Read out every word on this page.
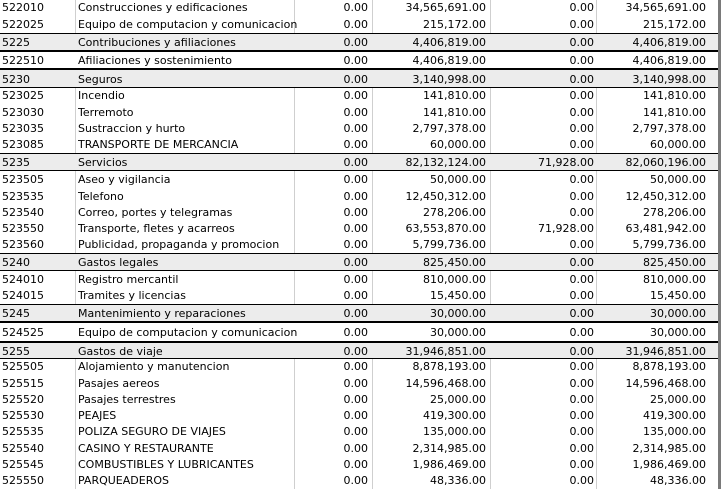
522010	Construcciones y edificaciones	0.00	34,565,691.00	0.00	34,565,691.00
522025	Equipo de computacion y comunicacion	0.00	215,172.00	0.00	215,172.00
5225	Contribuciones y afiliaciones	0.00	4,406,819.00	0.00	4,406,819.00
522510	Afiliaciones y sostenimiento	0.00	4,406,819.00	0.00	4,406,819.00
5230	Seguros	0.00	3,140,998.00	0.00	3,140,998.00
523025	Incendio	0.00	141,810.00	0.00	141,810.00
523030	Terremoto	0.00	141,810.00	0.00	141,810.00
523035	Sustraccion y hurto	0.00	2,797,378.00	0.00	2,797,378.00
523085	TRANSPORTE DE MERCANCIA	0.00	60,000.00	0.00	60,000.00
5235	Servicios	0.00	82,132,124.00	71,928.00	82,060,196.00
523505	Aseo y vigilancia	0.00	50,000.00	0.00	50,000.00
523535	Telefono	0.00	12,450,312.00	0.00	12,450,312.00
523540	Correo, portes y telegramas	0.00	278,206.00	0.00	278,206.00
523550	Transporte, fletes y acarreos	0.00	63,553,870.00	71,928.00	63,481,942.00
523560	Publicidad, propaganda y promocion	0.00	5,799,736.00	0.00	5,799,736.00
5240	Gastos legales	0.00	825,450.00	0.00	825,450.00
524010	Registro mercantil	0.00	810,000.00	0.00	810,000.00
524015	Tramites y licencias	0.00	15,450.00	0.00	15,450.00
5245	Mantenimiento y reparaciones	0.00	30,000.00	0.00	30,000.00
524525	Equipo de computacion y comunicacion	0.00	30,000.00	0.00	30,000.00
5255	Gastos de viaje	0.00	31,946,851.00	0.00	31,946,851.00
525505	Alojamiento y manutencion	0.00	8,878,193.00	0.00	8,878,193.00
525515	Pasajes aereos	0.00	14,596,468.00	0.00	14,596,468.00
525520	Pasajes terrestres	0.00	25,000.00	0.00	25,000.00
525530	PEAJES	0.00	419,300.00	0.00	419,300.00
525535	POLIZA SEGURO DE VIAJES	0.00	135,000.00	0.00	135,000.00
525540	CASINO Y RESTAURANTE	0.00	2,314,985.00	0.00	2,314,985.00
525545	COMBUSTIBLES Y LUBRICANTES	0.00	1,986,469.00	0.00	1,986,469.00
525550	PARQUEADEROS	0.00	48,336.00	0.00	48,336.00
